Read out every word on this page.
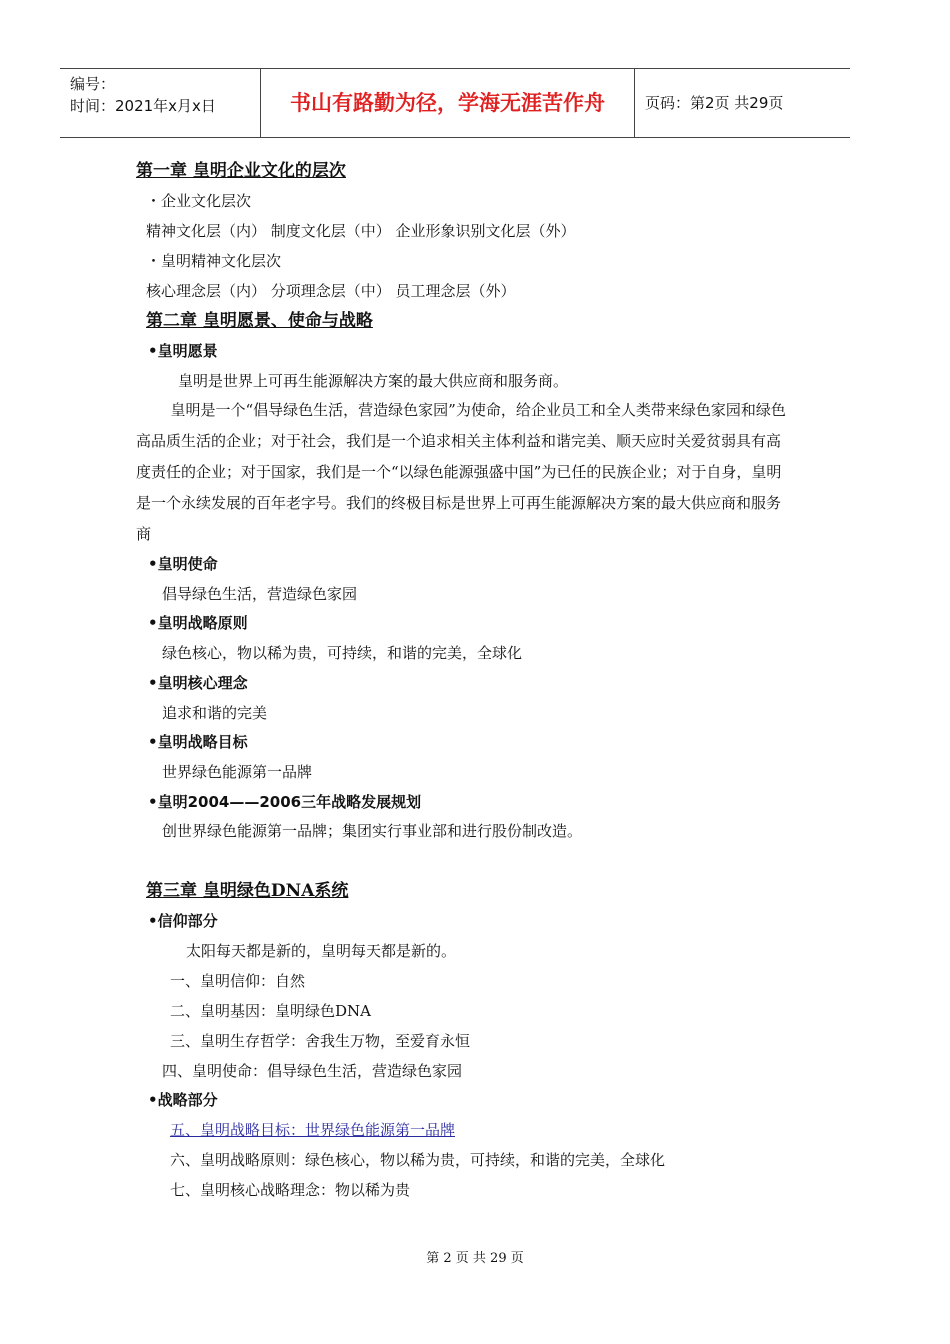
编号：
时间：2021年x月x日	书山有路勤为径，学海无涯苦作舟	页码：第2页 共29页
第一章 皇明企业文化的层次
・企业文化层次
精神文化层（内） 制度文化层（中） 企业形象识别文化层（外）
・皇明精神文化层次
核心理念层（内） 分项理念层（中） 员工理念层（外）
第二章 皇明愿景、使命与战略
•皇明愿景
皇明是世界上可再生能源解决方案的最大供应商和服务商。
皇明是一个“倡导绿色生活，营造绿色家园”为使命，给企业员工和全人类带来绿色家园和绿色高品质生活的企业；对于社会，我们是一个追求相关主体利益和谐完美、顺天应时关爱贫弱具有高度责任的企业；对于国家，我们是一个“以绿色能源强盛中国”为已任的民族企业；对于自身，皇明是一个永续发展的百年老字号。我们的终极目标是世界上可再生能源解决方案的最大供应商和服务商
•皇明使命
倡导绿色生活，营造绿色家园
•皇明战略原则
绿色核心，物以稀为贵，可持续，和谐的完美，全球化
•皇明核心理念
追求和谐的完美
•皇明战略目标
世界绿色能源第一品牌
•皇明2004——2006三年战略发展规划
创世界绿色能源第一品牌；集团实行事业部和进行股份制改造。
第三章 皇明绿色DNA系统
•信仰部分
太阳每天都是新的，皇明每天都是新的。
一、皇明信仰：自然
二、皇明基因：皇明绿色DNA
三、皇明生存哲学：舍我生万物，至爱育永恒
四、皇明使命：倡导绿色生活，营造绿色家园
•战略部分
五、皇明战略目标：世界绿色能源第一品牌
六、皇明战略原则：绿色核心，物以稀为贵，可持续，和谐的完美，全球化
七、皇明核心战略理念：物以稀为贵
第 2 页 共 29 页
